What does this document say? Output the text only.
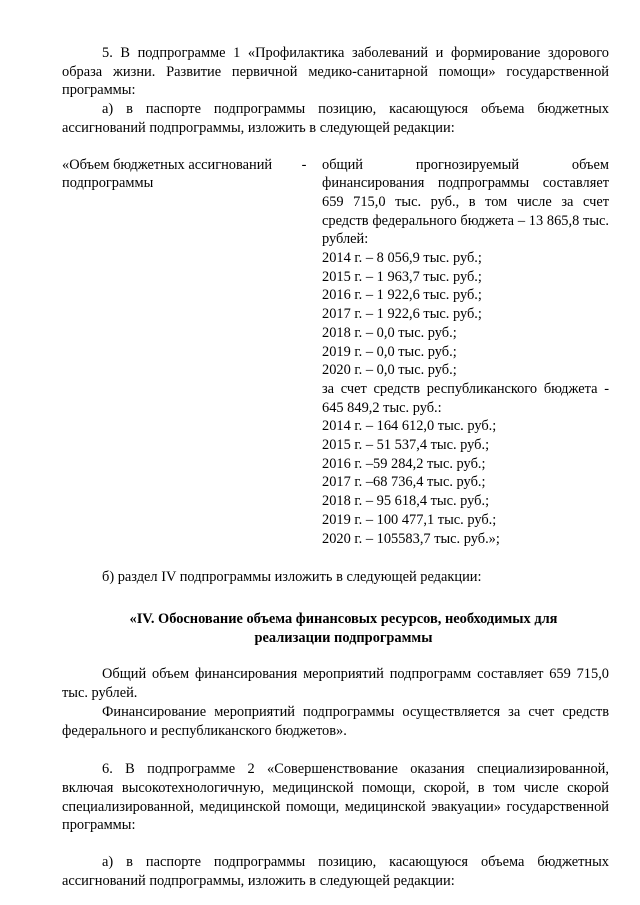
5. В подпрограмме 1 «Профилактика заболеваний и формирование здорового образа жизни. Развитие первичной медико-санитарной помощи» государственной программы:

а) в паспорте подпрограммы позицию, касающуюся объема бюджетных ассигнований подпрограммы, изложить в следующей редакции:

«Объем бюджетных ассигнований подпрограммы
-	общий прогнозируемый объем финансирования подпрограммы составляет 659 715,0 тыс. руб., в том числе за счет средств федерального бюджета – 13 865,8 тыс. рублей:
2014 г. – 8 056,9 тыс. руб.;
2015 г. – 1 963,7 тыс. руб.;
2016 г. – 1 922,6 тыс. руб.;
2017 г. – 1 922,6 тыс. руб.;
2018 г. – 0,0 тыс. руб.;
2019 г. – 0,0 тыс. руб.;
2020 г. – 0,0 тыс. руб.;
за счет средств республиканского бюджета - 645 849,2 тыс. руб.:
2014 г. – 164 612,0 тыс. руб.;
2015 г. – 51 537,4 тыс. руб.;
2016 г. –59 284,2 тыс. руб.;
2017 г. –68 736,4 тыс. руб.;
2018 г. – 95 618,4 тыс. руб.;
2019 г. – 100 477,1 тыс. руб.;
2020 г. – 105583,7 тыс. руб.»;

б) раздел IV подпрограммы изложить в следующей редакции:

«IV. Обоснование объема финансовых ресурсов, необходимых для реализации подпрограммы

Общий объем финансирования мероприятий подпрограмм составляет 659 715,0 тыс. рублей.

Финансирование мероприятий подпрограммы осуществляется за счет средств федерального и республиканского бюджетов».

6. В подпрограмме 2 «Совершенствование оказания специализированной, включая высокотехнологичную, медицинской помощи, скорой, в том числе скорой специализированной, медицинской помощи, медицинской эвакуации» государственной программы:

а) в паспорте подпрограммы позицию, касающуюся объема бюджетных ассигнований подпрограммы, изложить в следующей редакции:
